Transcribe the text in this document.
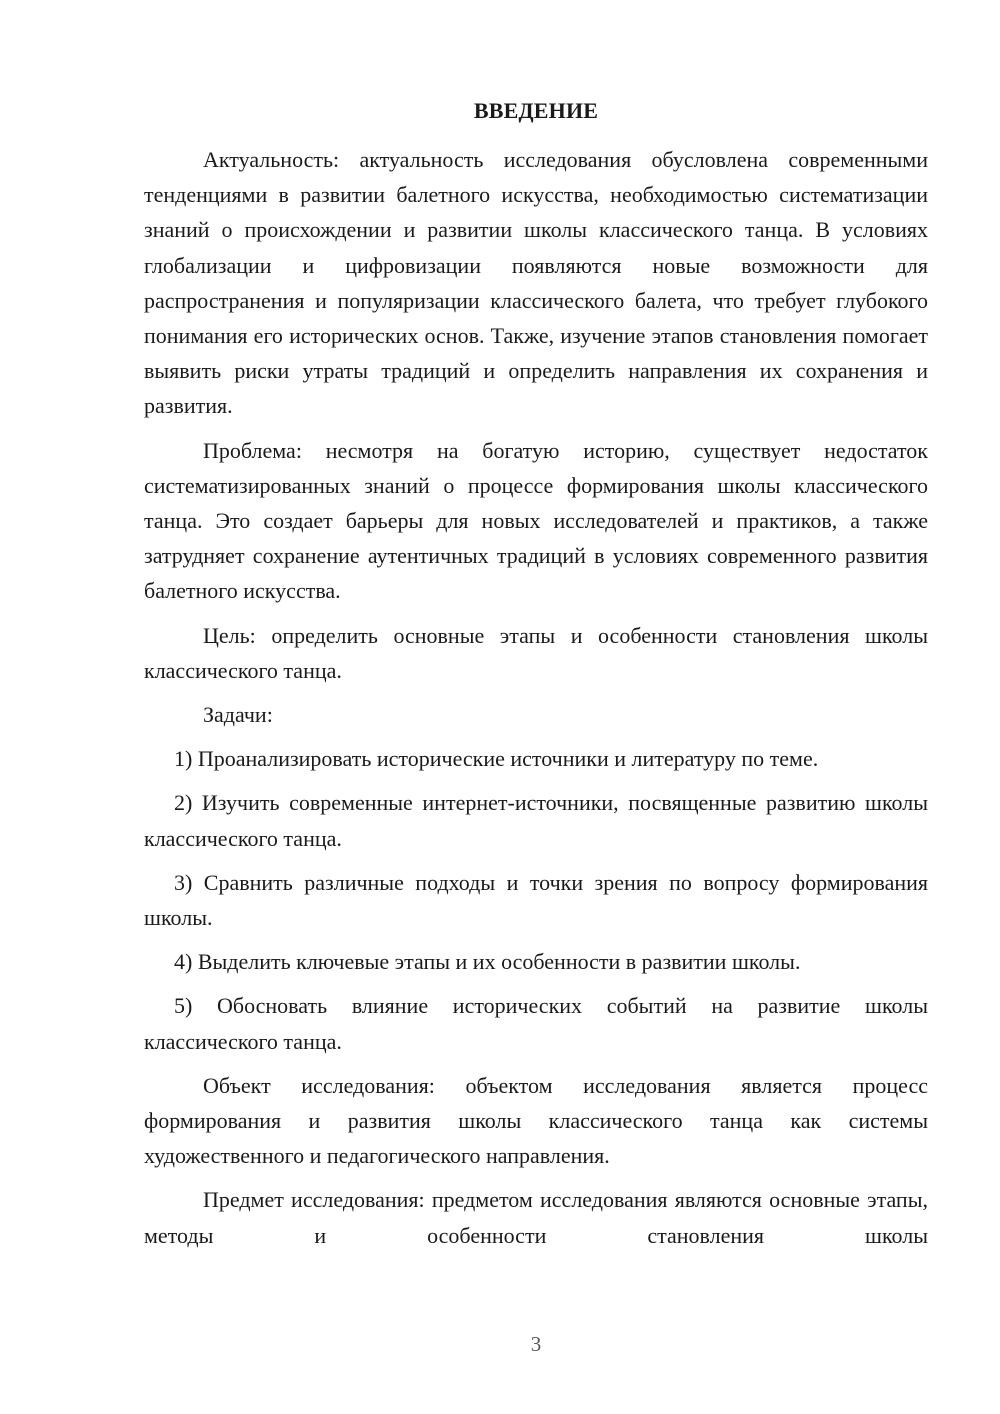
ВВЕДЕНИЕ

Актуальность: актуальность исследования обусловлена современными тенденциями в развитии балетного искусства, необходимостью систематизации знаний о происхождении и развитии школы классического танца. В условиях глобализации и цифровизации появляются новые возможности для распространения и популяризации классического балета, что требует глубокого понимания его исторических основ. Также, изучение этапов становления помогает выявить риски утраты традиций и определить направления их сохранения и развития.

Проблема: несмотря на богатую историю, существует недостаток систематизированных знаний о процессе формирования школы классического танца. Это создает барьеры для новых исследователей и практиков, а также затрудняет сохранение аутентичных традиций в условиях современного развития балетного искусства.

Цель: определить основные этапы и особенности становления школы классического танца.

Задачи:

1) Проанализировать исторические источники и литературу по теме.

2) Изучить современные интернет-источники, посвященные развитию школы классического танца.

3) Сравнить различные подходы и точки зрения по вопросу формирования школы.

4) Выделить ключевые этапы и их особенности в развитии школы.

5) Обосновать влияние исторических событий на развитие школы классического танца.

Объект исследования: объектом исследования является процесс формирования и развития школы классического танца как системы художественного и педагогического направления.

Предмет исследования: предметом исследования являются основные этапы, методы и особенности становления школы

3
